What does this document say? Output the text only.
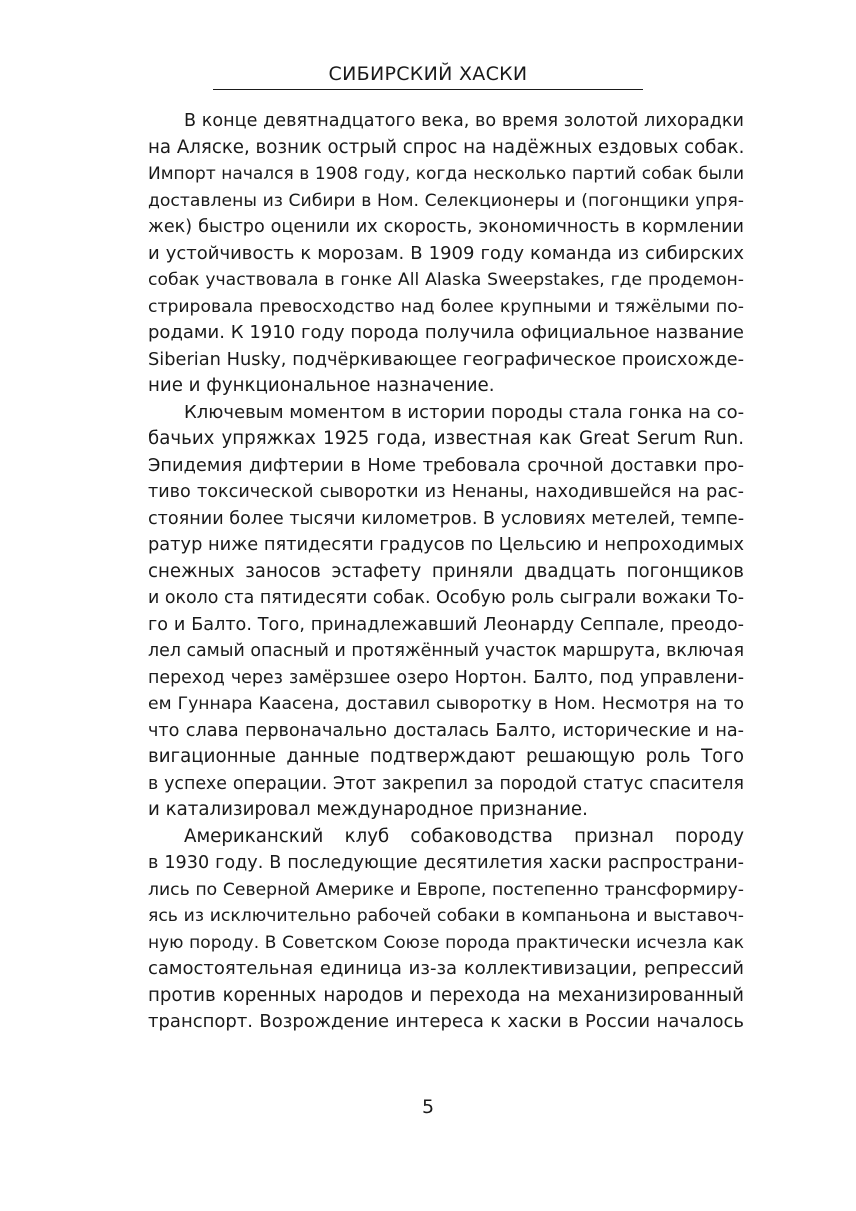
СИБИРСКИЙ ХАСКИ

В конце девятнадцатого века, во время золотой лихорадки
на Аляске, возник острый спрос на надёжных ездовых собак.
Импорт начался в 1908 году, когда несколько партий собак были
доставлены из Сибири в Ном. Селекционеры и (погонщики упря-
жек) быстро оценили их скорость, экономичность в кормлении
и устойчивость к морозам. В 1909 году команда из сибирских
собак участвовала в гонке All Alaska Sweepstakes, где продемон-
стрировала превосходство над более крупными и тяжёлыми по-
родами. К 1910 году порода получила официальное название
Siberian Husky, подчёркивающее географическое происхожде-
ние и функциональное назначение.

Ключевым моментом в истории породы стала гонка на со-
бачьих упряжках 1925 года, известная как Great Serum Run.
Эпидемия дифтерии в Номе требовала срочной доставки про-
тиво токсической сыворотки из Ненаны, находившейся на рас-
стоянии более тысячи километров. В условиях метелей, темпе-
ратур ниже пятидесяти градусов по Цельсию и непроходимых
снежных заносов эстафету приняли двадцать погонщиков
и около ста пятидесяти собак. Особую роль сыграли вожаки То-
го и Балто. Того, принадлежавший Леонарду Сеппале, преодо-
лел самый опасный и протяжённый участок маршрута, включая
переход через замёрзшее озеро Нортон. Балто, под управлени-
ем Гуннара Каасена, доставил сыворотку в Ном. Несмотря на то
что слава первоначально досталась Балто, исторические и на-
вигационные данные подтверждают решающую роль Того
в успехе операции. Этот закрепил за породой статус спасителя
и катализировал международное признание.

Американский клуб собаководства признал породу
в 1930 году. В последующие десятилетия хаски распространи-
лись по Северной Америке и Европе, постепенно трансформиру-
ясь из исключительно рабочей собаки в компаньона и выставоч-
ную породу. В Советском Союзе порода практически исчезла как
самостоятельная единица из-за коллективизации, репрессий
против коренных народов и перехода на механизированный
транспорт. Возрождение интереса к хаски в России началось

5
